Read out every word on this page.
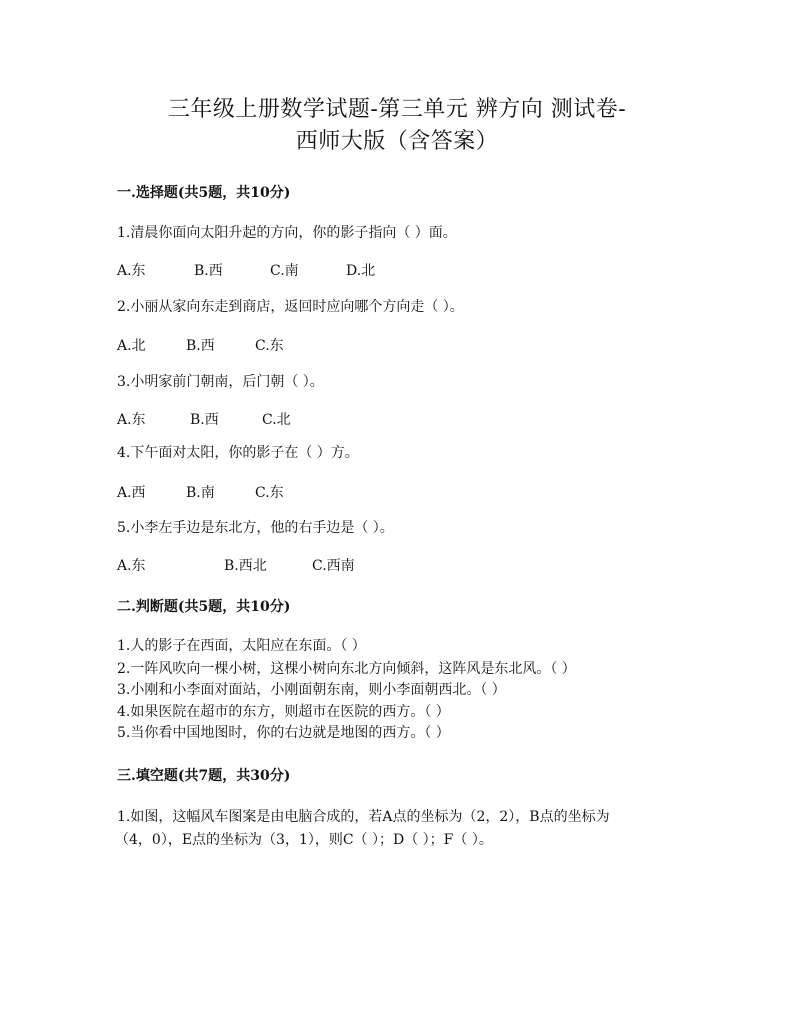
三年级上册数学试题-第三单元 辨方向 测试卷-
西师大版（含答案）
一.选择题(共5题，共10分)
1.清晨你面向太阳升起的方向，你的影子指向（ ）面。
A.东	B.西	C.南	D.北
2.小丽从家向东走到商店，返回时应向哪个方向走（ ）。
A.北	B.西	C.东
3.小明家前门朝南，后门朝（ ）。
A.东	B.西	C.北
4.下午面对太阳，你的影子在（ ）方。
A.西	B.南	C.东
5.小李左手边是东北方，他的右手边是（ ）。
A.东	B.西北	C.西南
二.判断题(共5题，共10分)
1.人的影子在西面，太阳应在东面。（ ）
2.一阵风吹向一棵小树，这棵小树向东北方向倾斜，这阵风是东北风。（ ）
3.小刚和小李面对面站，小刚面朝东南，则小李面朝西北。（ ）
4.如果医院在超市的东方，则超市在医院的西方。（ ）
5.当你看中国地图时，你的右边就是地图的西方。（ ）
三.填空题(共7题，共30分)
1.如图，这幅风车图案是由电脑合成的，若A点的坐标为（2，2），B点的坐标为
（4，0），E点的坐标为（3，1），则C（ ）；D（ ）；F（ ）。
